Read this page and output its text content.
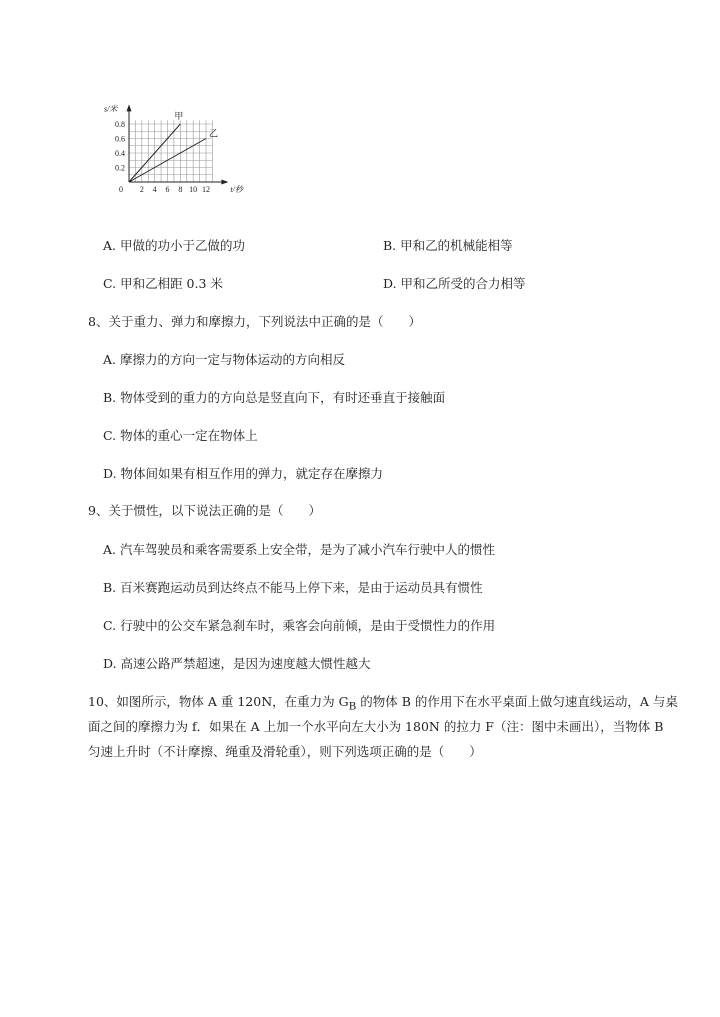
甲
乙
0 2 4 6 8 10 12
0.2
0.4
0.6
0.8
t/秒
s/米
A. 甲做的功小于乙做的功	B. 甲和乙的机械能相等
C. 甲和乙相距 0.3 米	D. 甲和乙所受的合力相等
8、关于重力、弹力和摩擦力，下列说法中正确的是（　　）
A. 摩擦力的方向一定与物体运动的方向相反
B. 物体受到的重力的方向总是竖直向下，有时还垂直于接触面
C. 物体的重心一定在物体上
D. 物体间如果有相互作用的弹力，就定存在摩擦力
9、关于惯性，以下说法正确的是（　　）
A. 汽车驾驶员和乘客需要系上安全带，是为了减小汽车行驶中人的惯性
B. 百米赛跑运动员到达终点不能马上停下来，是由于运动员具有惯性
C. 行驶中的公交车紧急刹车时，乘客会向前倾，是由于受惯性力的作用
D. 高速公路严禁超速，是因为速度越大惯性越大
10、如图所示，物体 A 重 120N，在重力为 $G_B$ 的物体 B 的作用下在水平桌面上做匀速直线运动，A 与桌
面之间的摩擦力为 f．如果在 A 上加一个水平向左大小为 180N 的拉力 F（注：图中未画出），当物体 B
匀速上升时（不计摩擦、绳重及滑轮重），则下列选项正确的是（　　）
